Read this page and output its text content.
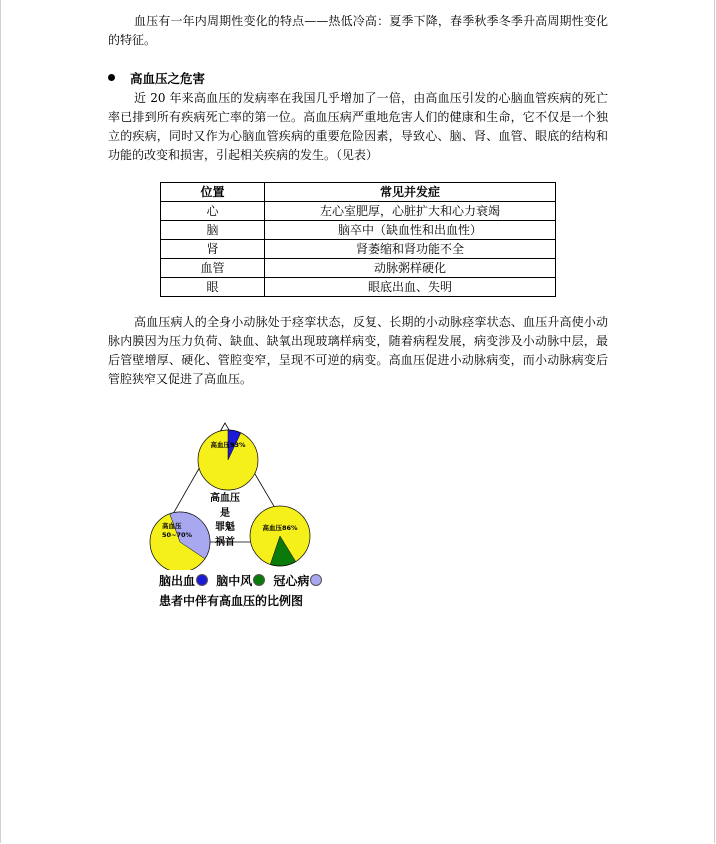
血压有一年内周期性变化的特点——热低冷高：夏季下降，春季秋季冬季升高周期性变化的特征。

高血压之危害

近 20 年来高血压的发病率在我国几乎增加了一倍，由高血压引发的心脑血管疾病的死亡率已排到所有疾病死亡率的第一位。高血压病严重地危害人们的健康和生命，它不仅是一个独立的疾病，同时又作为心脑血管疾病的重要危险因素，导致心、脑、肾、血管、眼底的结构和功能的改变和损害，引起相关疾病的发生。（见表）

位置	常见并发症
心	左心室肥厚，心脏扩大和心力衰竭
脑	脑卒中（缺血性和出血性）
肾	肾萎缩和肾功能不全
血管	动脉粥样硬化
眼	眼底出血、失明

高血压病人的全身小动脉处于痉挛状态，反复、长期的小动脉痉挛状态、血压升高使小动脉内膜因为压力负荷、缺血、缺氧出现玻璃样病变，随着病程发展，病变涉及小动脉中层，最后管壁增厚、硬化、管腔变窄，呈现不可逆的病变。高血压促进小动脉病变，而小动脉病变后管腔狭窄又促进了高血压。

高血压93%
高血压
50~70%
高血压86%
高血压
是
罪魁
祸首
脑出血 脑中风 冠心病
患者中伴有高血压的比例图
